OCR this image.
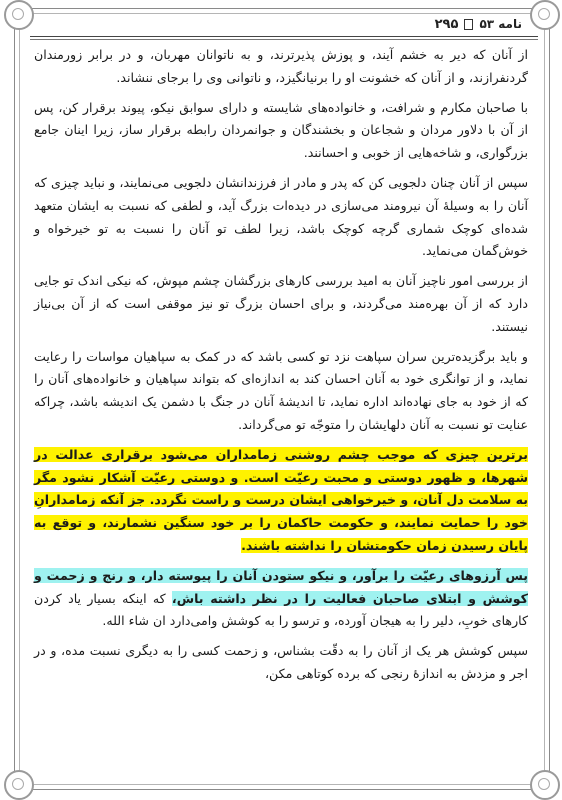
نامه ۵۳
۲۹۵

از آنان که دیر به خشم آیند، و پوزش پذیرترند، و به ناتوانان مهربان، و در برابر زورمندان گردنفرازند، و از آنان که خشونت او را برنیانگیزد، و ناتوانی وی را برجای ننشاند.

با صاحبان مکارم و شرافت، و خانواده‌های شایسته و دارای سوابق نیکو، پیوند برقرار کن، پس از آن با دلاور مردان و شجاعان و بخشندگان و جوانمردان رابطه برقرار ساز، زیرا اینان جامع بزرگواری، و شاخه‌هایی از خوبی و احسانند.

سپس از آنان چنان دلجویی کن که پدر و مادر از فرزندانشان دلجویی می‌نمایند، و نباید چیزی که آنان را به وسیلهٔ آن نیرومند می‌سازی در دیده‌ات بزرگ آید، و لطفی که نسبت به ایشان متعهد شده‌ای کوچک شماری گرچه کوچک باشد، زیرا لطف تو آنان را نسبت به تو خیرخواه و خوش‌گمان می‌نماید.

از بررسی امور ناچیز آنان به امید بررسی کارهای بزرگشان چشم مپوش، که نیکی اندک تو جایی دارد که از آن بهره‌مند می‌گردند، و برای احسان بزرگ تو نیز موقفی است که از آن بی‌نیاز نیستند.

و باید برگزیده‌ترین سران سپاهت نزد تو کسی باشد که در کمک به سپاهیان مواسات را رعایت نماید، و از توانگری خود به آنان احسان کند به اندازه‌ای که بتواند سپاهیان و خانواده‌های آنان را که از خود به جای نهاده‌اند اداره نماید، تا اندیشهٔ آنان در جنگ با دشمن یک اندیشه باشد، چراکه عنایت تو نسبت به آنان دلهایشان را متوجّه تو می‌گرداند.

برترین چیزی که موجب چشم روشنی زمامداران می‌شود برقراری عدالت در شهرها، و ظهور دوستی و محبت رعیّت است. و دوستی رعیّت آشکار نشود مگر به سلامت دل آنان، و خیرخواهی ایشان درست و راست نگردد. جز آنکه زمامدارانِ خود را حمایت نمایند، و حکومت حاکمان را بر خود سنگین نشمارند، و توقع به پایان رسیدن زمان حکومتشان را نداشته باشند.

پس آرزوهای رعیّت را برآور، و نیکو ستودن آنان را پیوسته دار، و رنج و زحمت و کوشش و ابتلای صاحبان فعالیت را در نظر داشته باش، که اینکه بسیار یاد کردن کارهای خوبِ، دلیر را به هیجان آورده، و ترسو را به کوشش وامی‌دارد ان شاء الله.

سپس کوشش هر یک از آنان را به دقّت بشناس، و زحمت کسی را به دیگری نسبت مده، و در اجر و مزدش به اندازهٔ رنجی که برده کوتاهی مکن،
